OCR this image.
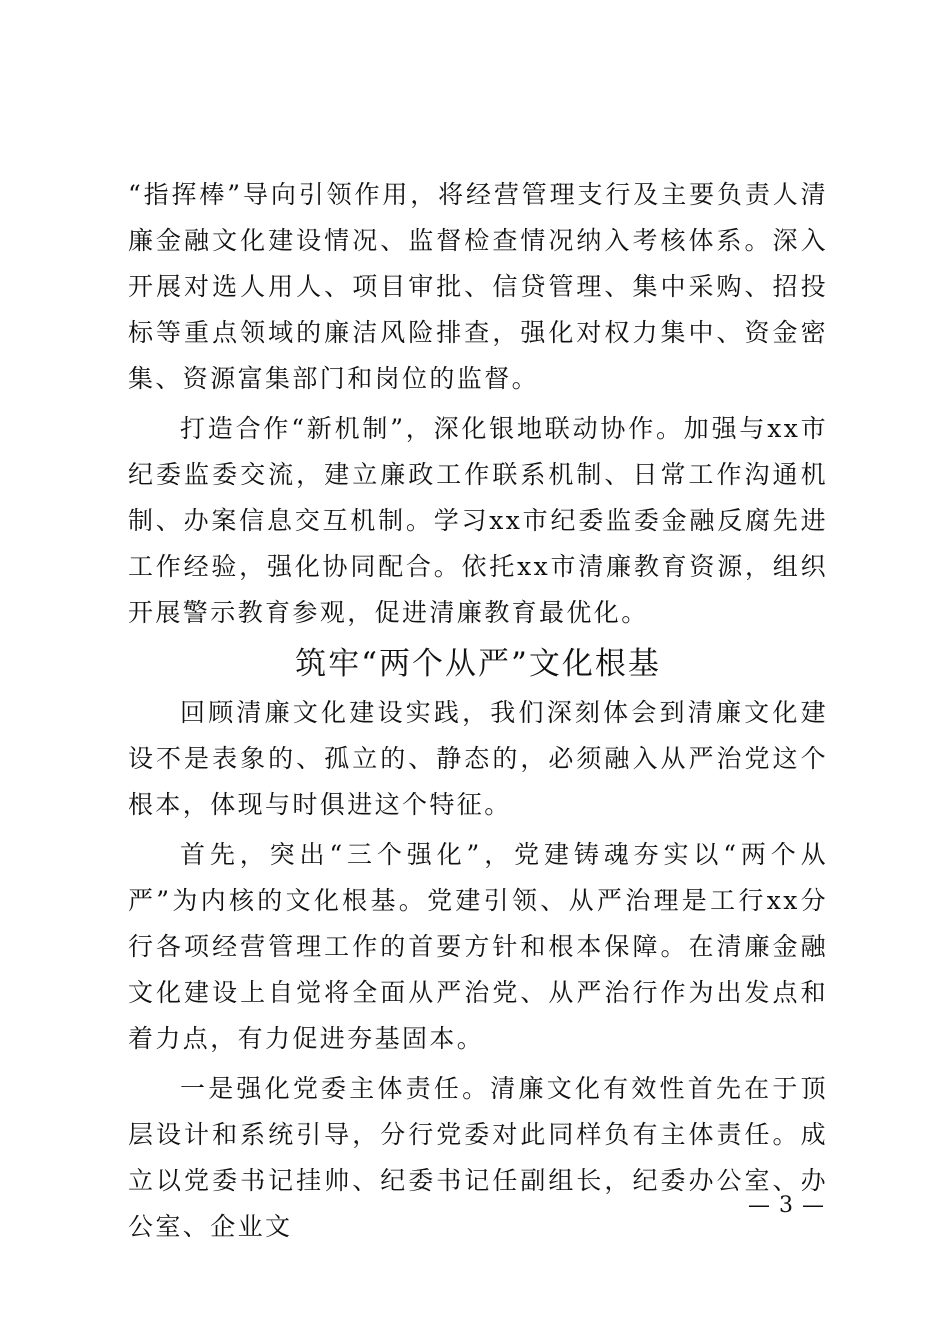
“指挥棒”导向引领作用，将经营管理支行及主要负责人清廉金融文化建设情况、监督检查情况纳入考核体系。深入开展对选人用人、项目审批、信贷管理、集中采购、招投标等重点领域的廉洁风险排查，强化对权力集中、资金密集、资源富集部门和岗位的监督。

打造合作“新机制”，深化银地联动协作。加强与xx市纪委监委交流，建立廉政工作联系机制、日常工作沟通机制、办案信息交互机制。学习xx市纪委监委金融反腐先进工作经验，强化协同配合。依托xx市清廉教育资源，组织开展警示教育参观，促进清廉教育最优化。

筑牢“两个从严”文化根基

回顾清廉文化建设实践，我们深刻体会到清廉文化建设不是表象的、孤立的、静态的，必须融入从严治党这个根本，体现与时俱进这个特征。

首先，突出“三个强化”，党建铸魂夯实以“两个从严”为内核的文化根基。党建引领、从严治理是工行xx分行各项经营管理工作的首要方针和根本保障。在清廉金融文化建设上自觉将全面从严治党、从严治行作为出发点和着力点，有力促进夯基固本。

一是强化党委主体责任。清廉文化有效性首先在于顶层设计和系统引导，分行党委对此同样负有主体责任。成立以党委书记挂帅、纪委书记任副组长，纪委办公室、办公室、企业文

— 3 —
